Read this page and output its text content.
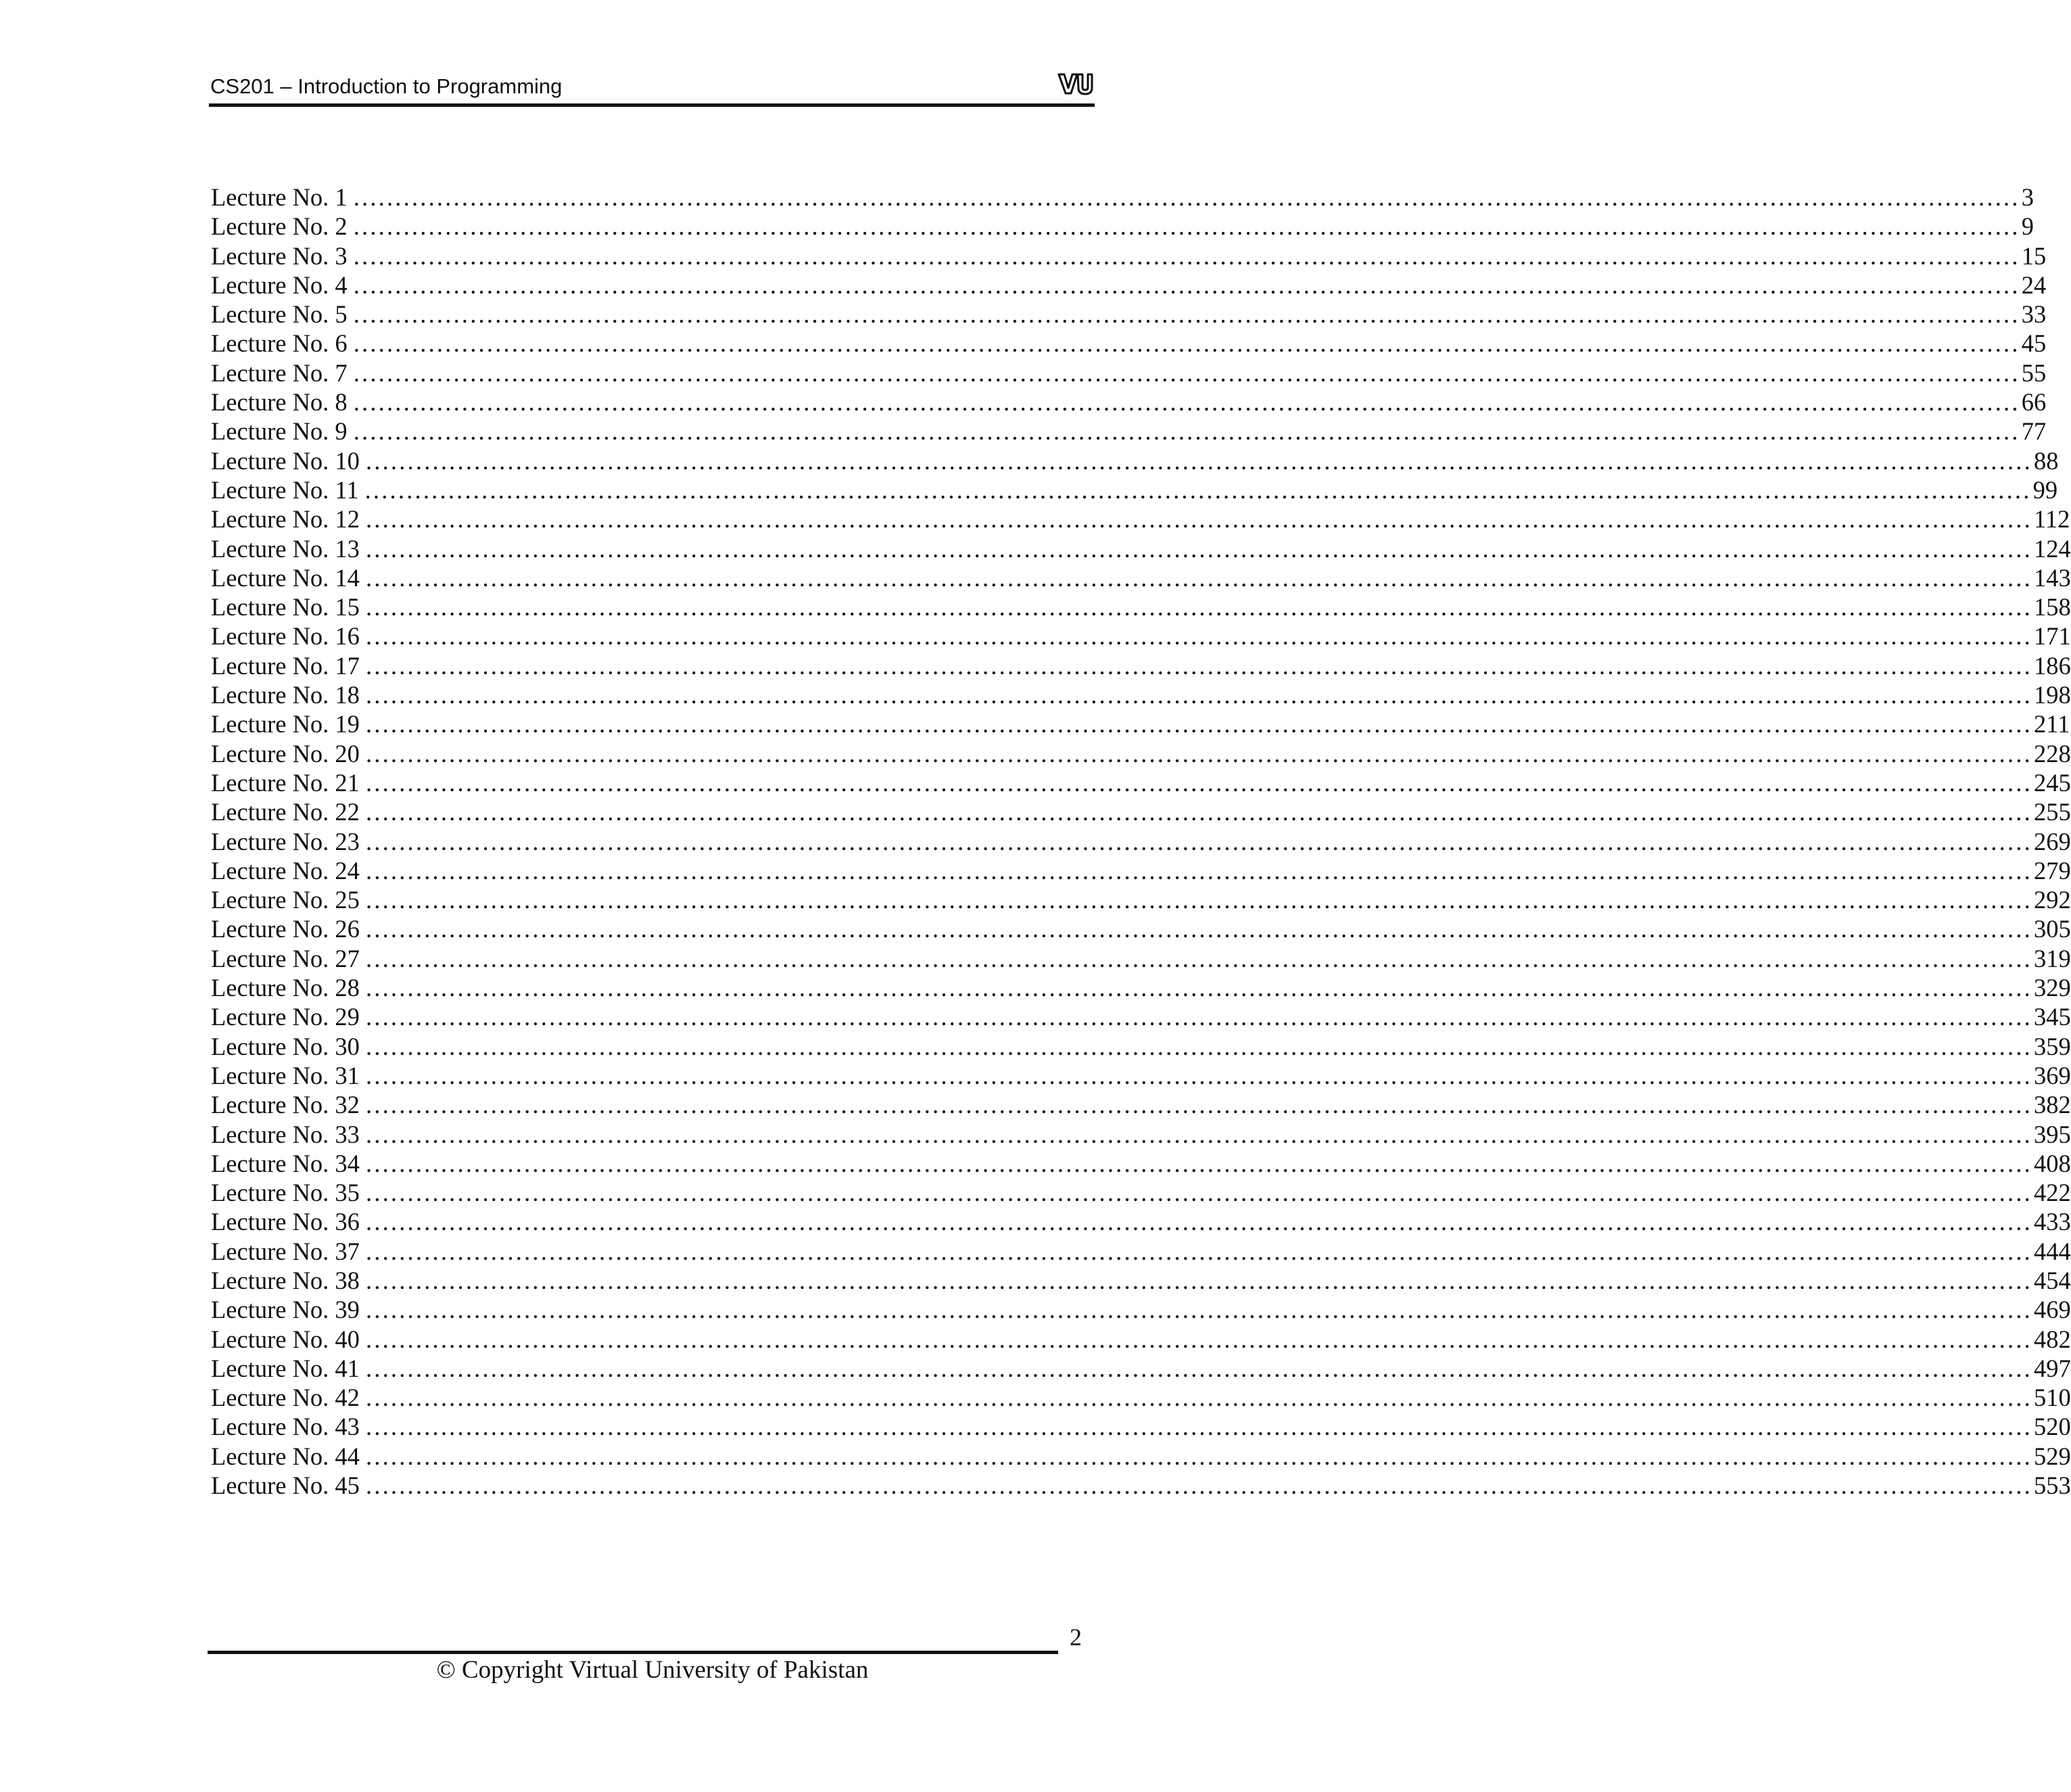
CS201 – Introduction to Programming
Lecture No. 1 ........................................................................................................................................................................................................ 3
Lecture No. 2 ........................................................................................................................................................................................................ 9
Lecture No. 3 ........................................................................................................................................................................................................ 15
Lecture No. 4 ........................................................................................................................................................................................................ 24
Lecture No. 5 ........................................................................................................................................................................................................ 33
Lecture No. 6 ........................................................................................................................................................................................................ 45
Lecture No. 7 ........................................................................................................................................................................................................ 55
Lecture No. 8 ........................................................................................................................................................................................................ 66
Lecture No. 9 ........................................................................................................................................................................................................ 77
Lecture No. 10 ........................................................................................................................................................................................................ 88
Lecture No. 11 ........................................................................................................................................................................................................ 99
Lecture No. 12 ........................................................................................................................................................................................................ 112
Lecture No. 13 ........................................................................................................................................................................................................ 124
Lecture No. 14 ........................................................................................................................................................................................................ 143
Lecture No. 15 ........................................................................................................................................................................................................ 158
Lecture No. 16 ........................................................................................................................................................................................................ 171
Lecture No. 17 ........................................................................................................................................................................................................ 186
Lecture No. 18 ........................................................................................................................................................................................................ 198
Lecture No. 19 ........................................................................................................................................................................................................ 211
Lecture No. 20 ........................................................................................................................................................................................................ 228
Lecture No. 21 ........................................................................................................................................................................................................ 245
Lecture No. 22 ........................................................................................................................................................................................................ 255
Lecture No. 23 ........................................................................................................................................................................................................ 269
Lecture No. 24 ........................................................................................................................................................................................................ 279
Lecture No. 25 ........................................................................................................................................................................................................ 292
Lecture No. 26 ........................................................................................................................................................................................................ 305
Lecture No. 27 ........................................................................................................................................................................................................ 319
Lecture No. 28 ........................................................................................................................................................................................................ 329
Lecture No. 29 ........................................................................................................................................................................................................ 345
Lecture No. 30 ........................................................................................................................................................................................................ 359
Lecture No. 31 ........................................................................................................................................................................................................ 369
Lecture No. 32 ........................................................................................................................................................................................................ 382
Lecture No. 33 ........................................................................................................................................................................................................ 395
Lecture No. 34 ........................................................................................................................................................................................................ 408
Lecture No. 35 ........................................................................................................................................................................................................ 422
Lecture No. 36 ........................................................................................................................................................................................................ 433
Lecture No. 37 ........................................................................................................................................................................................................ 444
Lecture No. 38 ........................................................................................................................................................................................................ 454
Lecture No. 39 ........................................................................................................................................................................................................ 469
Lecture No. 40 ........................................................................................................................................................................................................ 482
Lecture No. 41 ........................................................................................................................................................................................................ 497
Lecture No. 42 ........................................................................................................................................................................................................ 510
Lecture No. 43 ........................................................................................................................................................................................................ 520
Lecture No. 44 ........................................................................................................................................................................................................ 529
Lecture No. 45 ........................................................................................................................................................................................................ 553
2
© Copyright Virtual University of Pakistan
